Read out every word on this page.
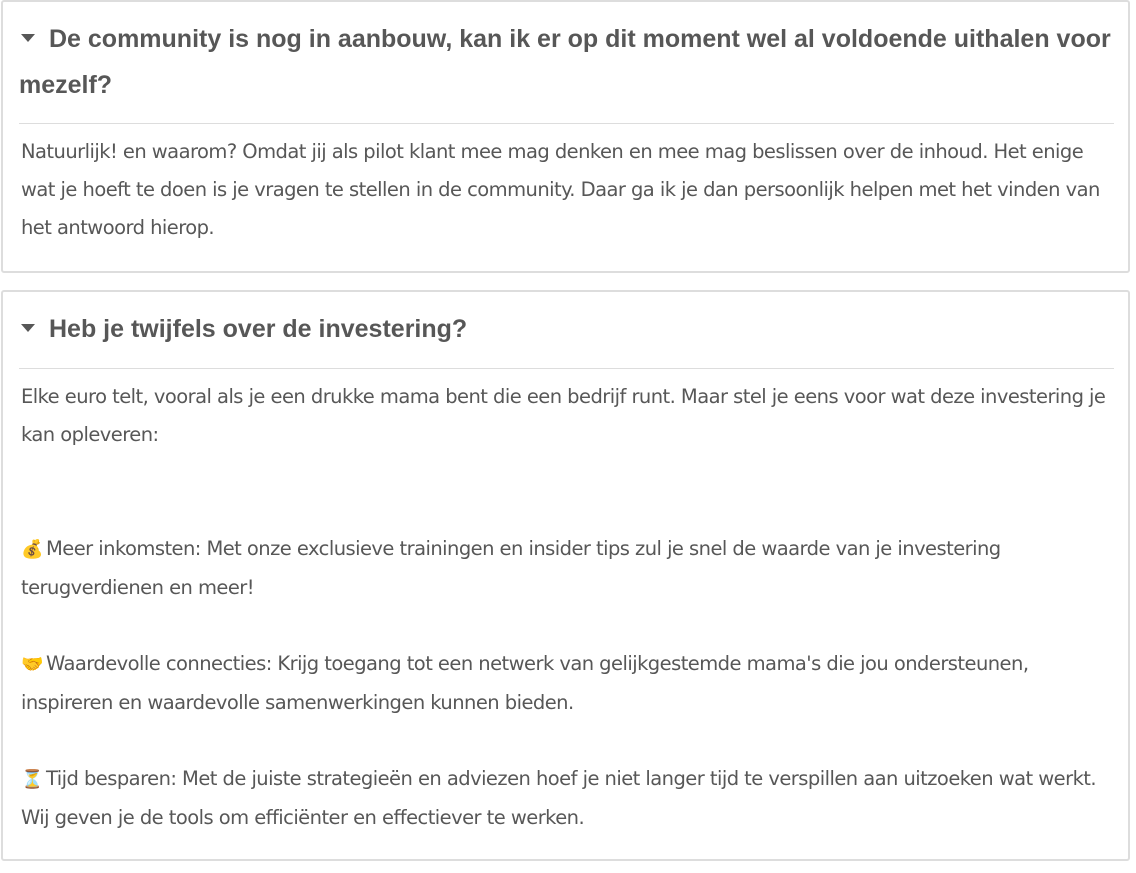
De community is nog in aanbouw, kan ik er op dit moment wel al voldoende uithalen voor mezelf?

Natuurlijk! en waarom? Omdat jij als pilot klant mee mag denken en mee mag beslissen over de inhoud. Het enige wat je hoeft te doen is je vragen te stellen in de community. Daar ga ik je dan persoonlijk helpen met het vinden van het antwoord hierop.

Heb je twijfels over de investering?

Elke euro telt, vooral als je een drukke mama bent die een bedrijf runt. Maar stel je eens voor wat deze investering je kan opleveren:

💰 Meer inkomsten: Met onze exclusieve trainingen en insider tips zul je snel de waarde van je investering terugverdienen en meer!

🤝 Waardevolle connecties: Krijg toegang tot een netwerk van gelijkgestemde mama's die jou ondersteunen, inspireren en waardevolle samenwerkingen kunnen bieden.

⏳ Tijd besparen: Met de juiste strategieën en adviezen hoef je niet langer tijd te verspillen aan uitzoeken wat werkt. Wij geven je de tools om efficiënter en effectiever te werken.
